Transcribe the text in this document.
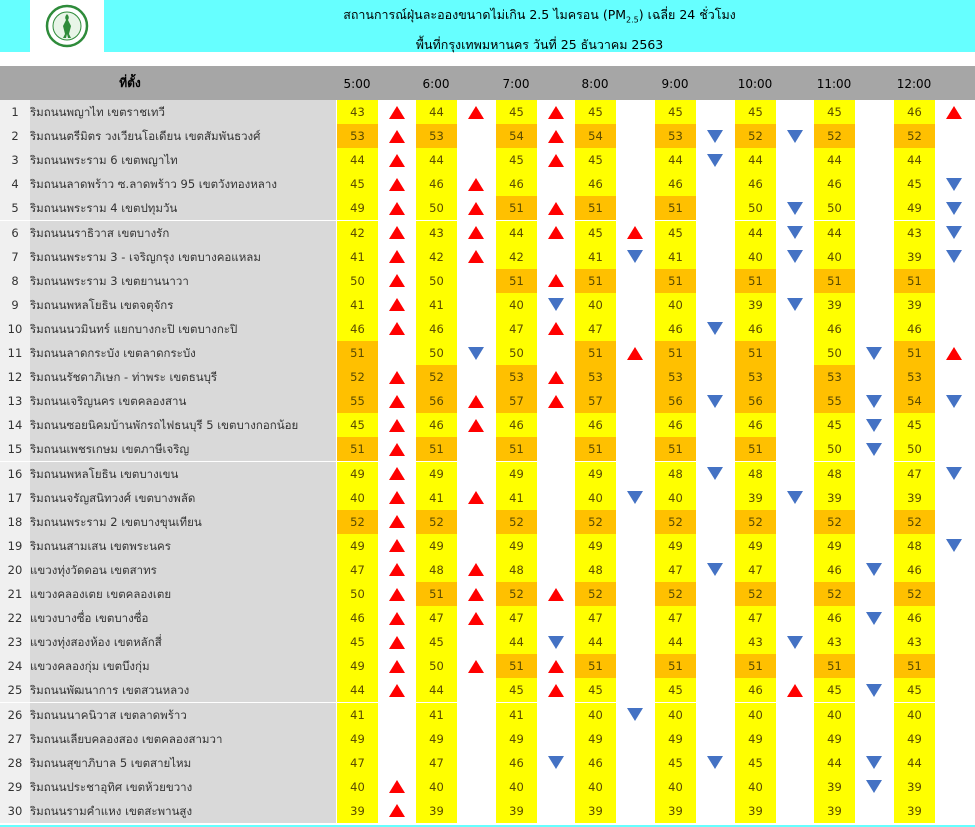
สถานการณ์ฝุ่นละอองขนาดไม่เกิน 2.5 ไมครอน $(PM_{2.5})$ เฉลี่ย 24 ชั่วโมง
พื้นที่กรุงเทพมหานคร วันที่ 25 ธันวาคม 2563
ที่ตั้ง	5:00	6:00	7:00	8:00	9:00	10:00	11:00	12:00
1 ริมถนนพญาไท เขตราชเทวี	43	44	45	45	45	45	45	46
2 ริมถนนตรีมิตร วงเวียนโอเดียน เขตสัมพันธวงศ์	53	53	54	54	53	52	52	52
3 ริมถนนพระราม 6 เขตพญาไท	44	44	45	45	44	44	44	44
4 ริมถนนลาดพร้าว ซ.ลาดพร้าว 95 เขตวังทองหลาง	45	46	46	46	46	46	46	45
5 ริมถนนพระราม 4 เขตปทุมวัน	49	50	51	51	51	50	50	49
6 ริมถนนนราธิวาส เขตบางรัก	42	43	44	45	45	44	44	43
7 ริมถนนพระราม 3 - เจริญกรุง เขตบางคอแหลม	41	42	42	41	41	40	40	39
8 ริมถนนพระราม 3 เขตยานนาวา	50	50	51	51	51	51	51	51
9 ริมถนนพหลโยธิน เขตจตุจักร	41	41	40	40	40	39	39	39
10 ริมถนนนวมินทร์ แยกบางกะปิ เขตบางกะปิ	46	46	47	47	46	46	46	46
11 ริมถนนลาดกระบัง เขตลาดกระบัง	51	50	50	51	51	51	50	51
12 ริมถนนรัชดาภิเษก - ท่าพระ เขตธนบุรี	52	52	53	53	53	53	53	53
13 ริมถนนเจริญนคร เขตคลองสาน	55	56	57	57	56	56	55	54
14 ริมถนนซอยนิคมบ้านพักรถไฟธนบุรี 5 เขตบางกอกน้อย	45	46	46	46	46	46	45	45
15 ริมถนนเพชรเกษม เขตภาษีเจริญ	51	51	51	51	51	51	50	50
16 ริมถนนพหลโยธิน เขตบางเขน	49	49	49	49	48	48	48	47
17 ริมถนนจรัญสนิทวงศ์ เขตบางพลัด	40	41	41	40	40	39	39	39
18 ริมถนนพระราม 2 เขตบางขุนเทียน	52	52	52	52	52	52	52	52
19 ริมถนนสามเสน เขตพระนคร	49	49	49	49	49	49	49	48
20 แขวงทุ่งวัดดอน เขตสาทร	47	48	48	48	47	47	46	46
21 แขวงคลองเตย เขตคลองเตย	50	51	52	52	52	52	52	52
22 แขวงบางซื่อ เขตบางซื่อ	46	47	47	47	47	47	46	46
23 แขวงทุ่งสองห้อง เขตหลักสี่	45	45	44	44	44	43	43	43
24 แขวงคลองกุ่ม เขตบึงกุ่ม	49	50	51	51	51	51	51	51
25 ริมถนนพัฒนาการ เขตสวนหลวง	44	44	45	45	45	46	45	45
26 ริมถนนนาคนิวาส เขตลาดพร้าว	41	41	41	40	40	40	40	40
27 ริมถนนเลียบคลองสอง เขตคลองสามวา	49	49	49	49	49	49	49	49
28 ริมถนนสุขาภิบาล 5 เขตสายไหม	47	47	46	46	45	45	44	44
29 ริมถนนประชาอุทิศ เขตห้วยขวาง	40	40	40	40	40	40	39	39
30 ริมถนนรามคำแหง เขตสะพานสูง	39	39	39	39	39	39	39	39
